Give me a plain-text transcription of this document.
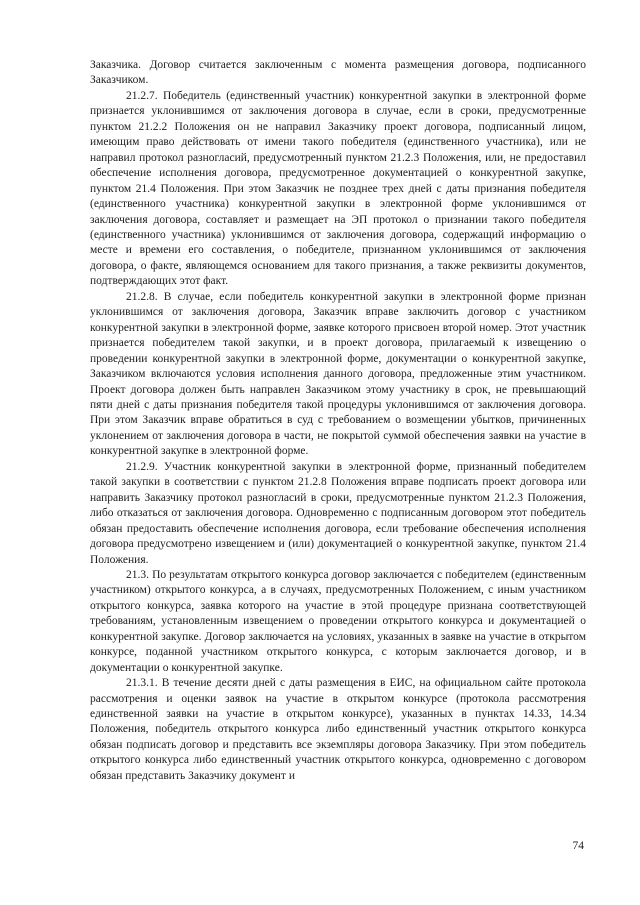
Заказчика. Договор считается заключенным с момента размещения договора, подписанного Заказчиком.

21.2.7. Победитель (единственный участник) конкурентной закупки в электронной форме признается уклонившимся от заключения договора в случае, если в сроки, предусмотренные пунктом 21.2.2 Положения он не направил Заказчику проект договора, подписанный лицом, имеющим право действовать от имени такого победителя (единственного участника), или не направил протокол разногласий, предусмотренный пунктом 21.2.3 Положения, или, не предоставил обеспечение исполнения договора, предусмотренное документацией о конкурентной закупке, пунктом 21.4 Положения. При этом Заказчик не позднее трех дней с даты признания победителя (единственного участника) конкурентной закупки в электронной форме уклонившимся от заключения договора, составляет и размещает на ЭП протокол о признании такого победителя (единственного участника) уклонившимся от заключения договора, содержащий информацию о месте и времени его составления, о победителе, признанном уклонившимся от заключения договора, о факте, являющемся основанием для такого признания, а также реквизиты документов, подтверждающих этот факт.

21.2.8. В случае, если победитель конкурентной закупки в электронной форме признан уклонившимся от заключения договора, Заказчик вправе заключить договор с участником конкурентной закупки в электронной форме, заявке которого присвоен второй номер. Этот участник признается победителем такой закупки, и в проект договора, прилагаемый к извещению о проведении конкурентной закупки в электронной форме, документации о конкурентной закупке, Заказчиком включаются условия исполнения данного договора, предложенные этим участником. Проект договора должен быть направлен Заказчиком этому участнику в срок, не превышающий пяти дней с даты признания победителя такой процедуры уклонившимся от заключения договора. При этом Заказчик вправе обратиться в суд с требованием о возмещении убытков, причиненных уклонением от заключения договора в части, не покрытой суммой обеспечения заявки на участие в конкурентной закупке в электронной форме.

21.2.9. Участник конкурентной закупки в электронной форме, признанный победителем такой закупки в соответствии с пунктом 21.2.8 Положения вправе подписать проект договора или направить Заказчику протокол разногласий в сроки, предусмотренные пунктом 21.2.3 Положения, либо отказаться от заключения договора. Одновременно с подписанным договором этот победитель обязан предоставить обеспечение исполнения договора, если требование обеспечения исполнения договора предусмотрено извещением и (или) документацией о конкурентной закупке, пунктом 21.4 Положения.

21.3. По результатам открытого конкурса договор заключается с победителем (единственным участником) открытого конкурса, а в случаях, предусмотренных Положением, с иным участником открытого конкурса, заявка которого на участие в этой процедуре признана соответствующей требованиям, установленным извещением о проведении открытого конкурса и документацией о конкурентной закупке. Договор заключается на условиях, указанных в заявке на участие в открытом конкурсе, поданной участником открытого конкурса, с которым заключается договор, и в документации о конкурентной закупке.

21.3.1. В течение десяти дней с даты размещения в ЕИС, на официальном сайте протокола рассмотрения и оценки заявок на участие в открытом конкурсе (протокола рассмотрения единственной заявки на участие в открытом конкурсе), указанных в пунктах 14.33, 14.34 Положения, победитель открытого конкурса либо единственный участник открытого конкурса обязан подписать договор и представить все экземпляры договора Заказчику. При этом победитель открытого конкурса либо единственный участник открытого конкурса, одновременно с договором обязан представить Заказчику документ и

74
